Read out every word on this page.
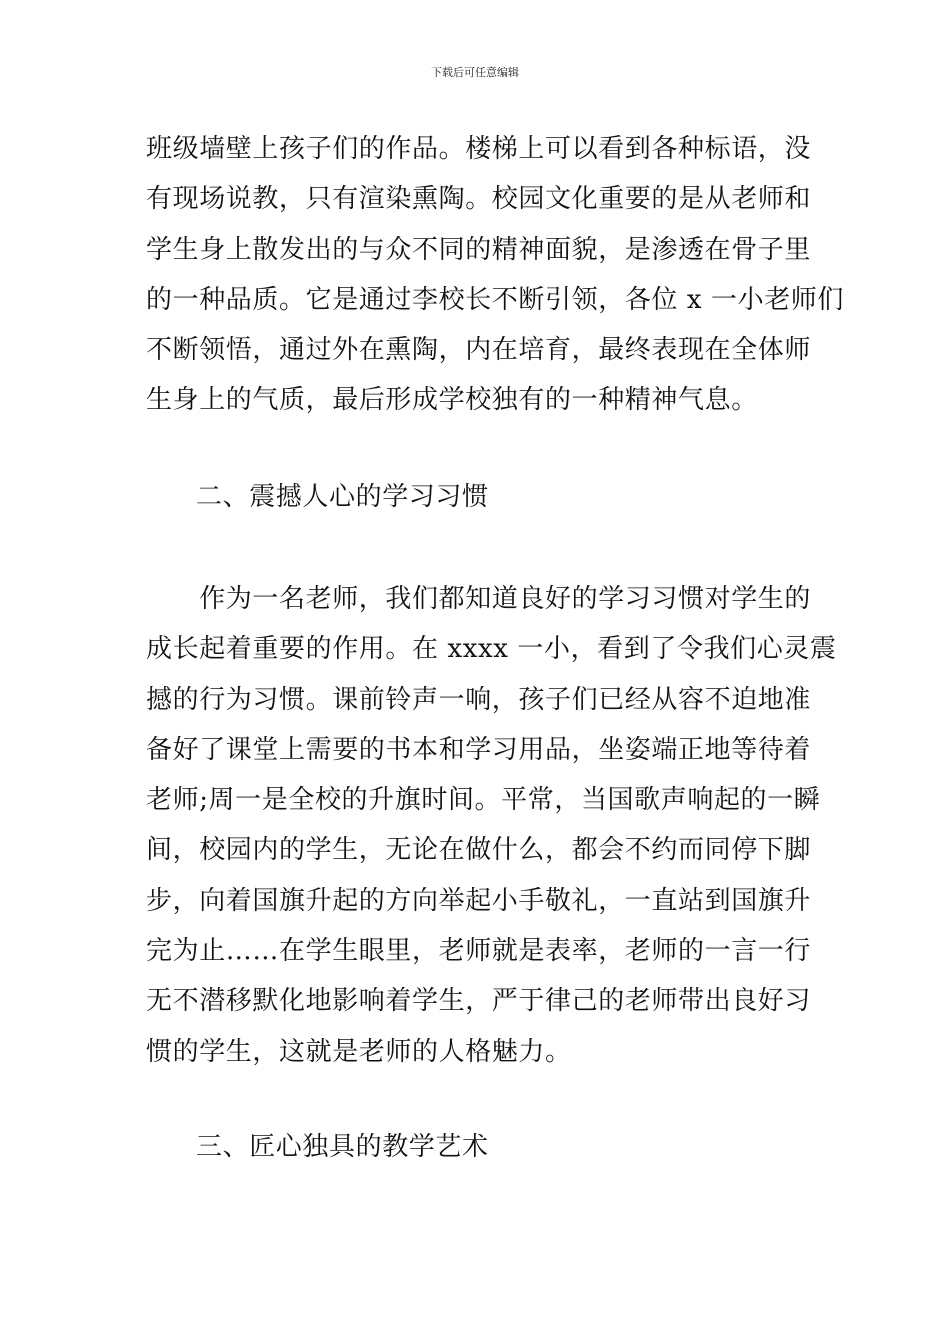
下载后可任意编辑
班级墙壁上孩子们的作品。楼梯上可以看到各种标语，没
有现场说教，只有渲染熏陶。校园文化重要的是从老师和
学生身上散发出的与众不同的精神面貌，是渗透在骨子里
的一种品质。它是通过李校长不断引领，各位 x 一小老师们
不断领悟，通过外在熏陶，内在培育，最终表现在全体师
生身上的气质，最后形成学校独有的一种精神气息。
二、震撼人心的学习习惯
　　作为一名老师，我们都知道良好的学习习惯对学生的
成长起着重要的作用。在 xxxx 一小，看到了令我们心灵震
撼的行为习惯。课前铃声一响，孩子们已经从容不迫地准
备好了课堂上需要的书本和学习用品，坐姿端正地等待着
老师;周一是全校的升旗时间。平常，当国歌声响起的一瞬
间，校园内的学生，无论在做什么，都会不约而同停下脚
步，向着国旗升起的方向举起小手敬礼，一直站到国旗升
完为止……在学生眼里，老师就是表率，老师的一言一行
无不潜移默化地影响着学生，严于律己的老师带出良好习
惯的学生，这就是老师的人格魅力。
三、匠心独具的教学艺术
